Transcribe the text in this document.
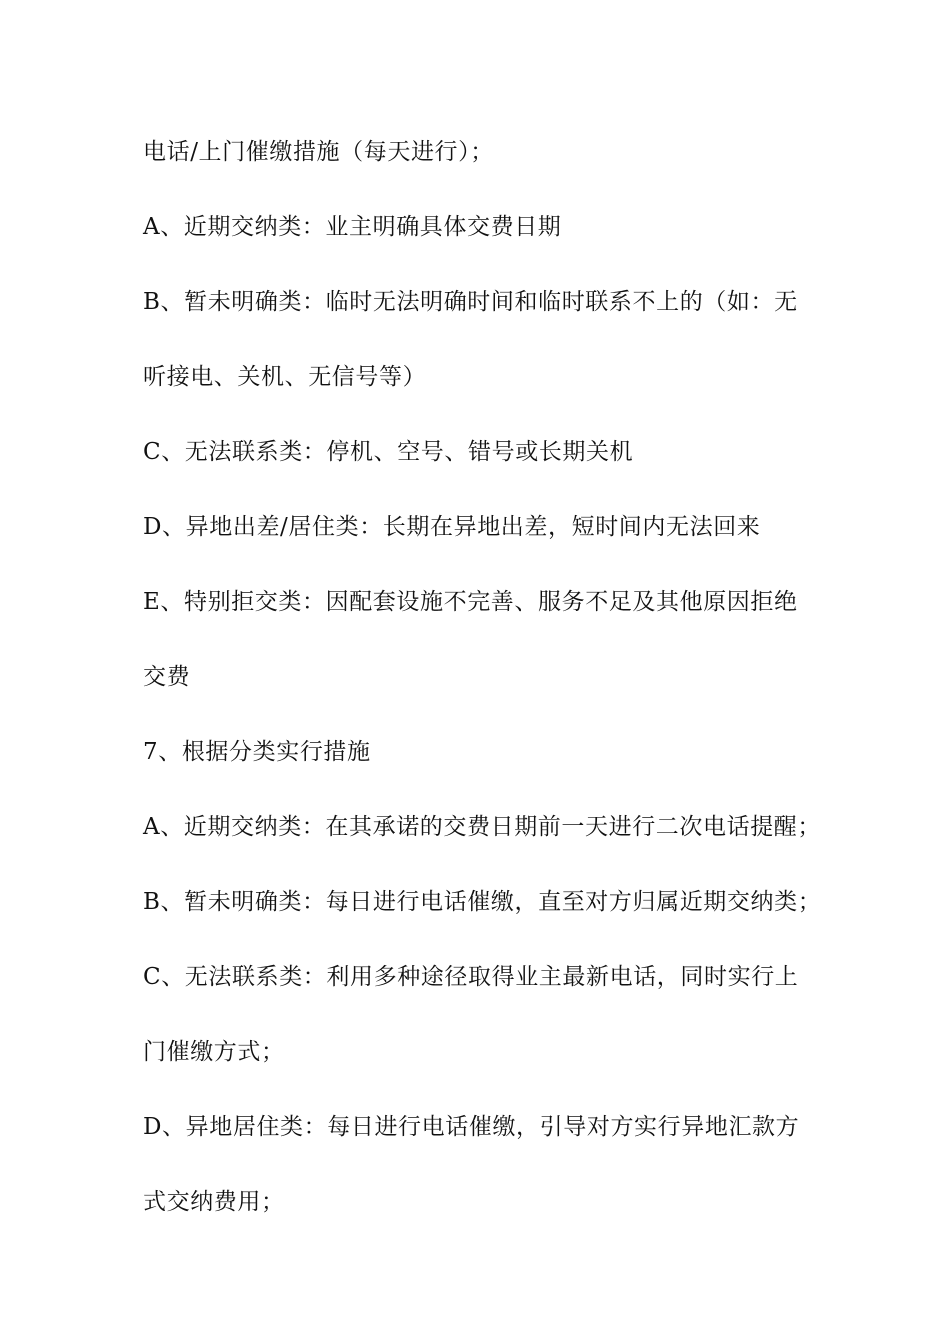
电话/上门催缴措施（每天进行）；

A、近期交纳类：业主明确具体交费日期

B、暂未明确类：临时无法明确时间和临时联系不上的（如：无

听接电、关机、无信号等）

C、无法联系类：停机、空号、错号或长期关机

D、异地出差/居住类：长期在异地出差，短时间内无法回来

E、特别拒交类：因配套设施不完善、服务不足及其他原因拒绝

交费

7、根据分类实行措施

A、近期交纳类：在其承诺的交费日期前一天进行二次电话提醒；

B、暂未明确类：每日进行电话催缴，直至对方归属近期交纳类；

C、无法联系类：利用多种途径取得业主最新电话，同时实行上

门催缴方式；

D、异地居住类：每日进行电话催缴，引导对方实行异地汇款方

式交纳费用；
